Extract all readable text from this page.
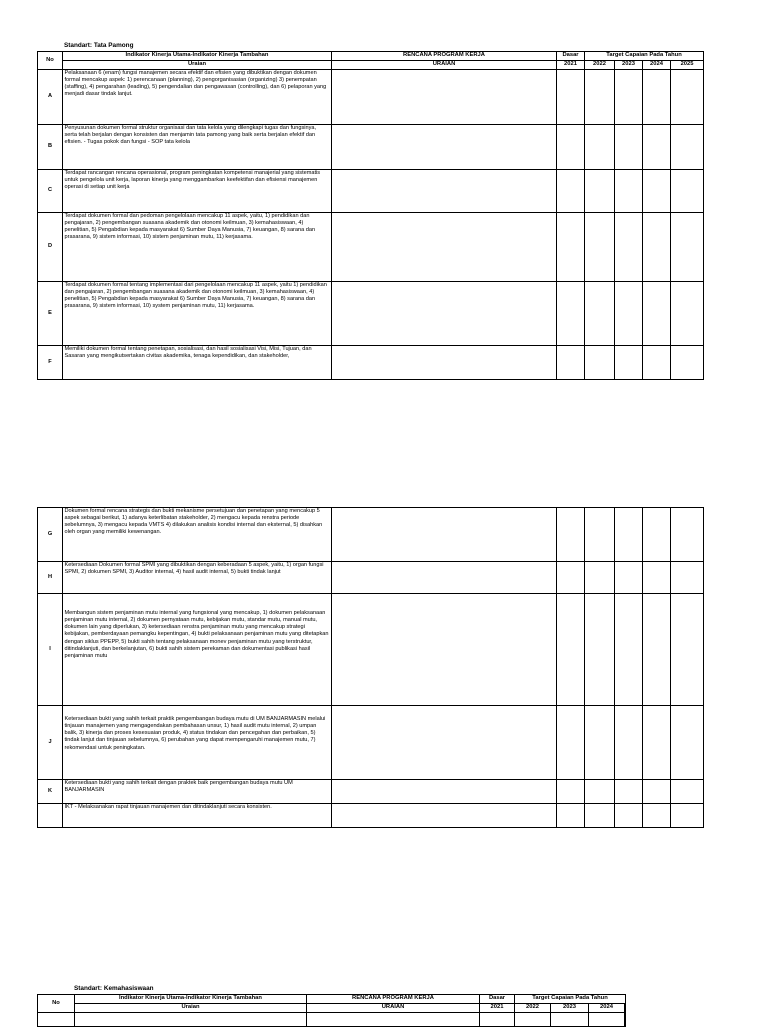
Standart: Tata Pamong
No	Indikator Kinerja Utama-Indikator Kinerja Tambahan	RENCANA PROGRAM KERJA	Dasar	Target Capaian Pada Tahun			
	Uraian	URAIAN	2021	2022	2023	2024	2025
A	Pelaksanaan 6 (enam) fungsi manajemen secara efektif dan efisien yang dibuktikan dengan dokumen formal mencakup aspek: 1) perencanaan (planning), 2) pengorganisasian (organizing) 3) penempatan (staffing), 4) pengarahan (leading), 5) pengendalian dan pengawasan (controlling), dan 6) pelaporan yang menjadi dasar tindak lanjut.						
B	Penyusunan dokumen formal struktur organisasi dan tata kelola yang dilengkapi tugas dan fungsinya, serta telah berjalan dengan konsisten dan menjamin tata pamong yang baik serta berjalan efektif dan efisien. - Tugas pokok dan fungsi - SOP tata kelola						
C	Terdapat rancangan rencana operasional, program peningkatan kompetensi manajerial yang sistematis untuk pengelola unit kerja, laporan kinerja yang menggambarkan keefektifan dan efisiensi manajemen operasi di setiap unit kerja						
D	Terdapat dokumen formal dan pedoman pengelolaan mencakup 11 aspek, yaitu, 1) pendidikan dan pengajaran, 2) pengembangan suasana akademik dan otonomi keilmuan, 3) kemahasiswaan, 4) penelitian, 5) Pengabdian kepada masyarakat 6) Sumber Daya Manusia, 7) keuangan, 8) sarana dan prasarana, 9) sistem informasi, 10) sistem penjaminan mutu, 11) kerjasama.						
E	Terdapat dokumen formal tentang implementasi dari pengelolaan mencakup 11 aspek, yaitu 1) pendidikan dan pengajaran, 2) pengembangan suasana akademik dan otonomi keilmuan, 3) kemahasiswaan, 4) penelitian, 5) Pengabdian kepada masyarakat 6) Sumber Daya Manusia, 7) keuangan, 8) sarana dan prasarana, 9) sistem informasi, 10) system penjaminan mutu, 11) kerjasama.						
F	Memiliki dokumen formal tentang penetapan, sosialisasi, dan hasil sosialisasi Visi, Misi, Tujuan, dan Sasaran yang mengikutsertakan civitas akademika, tenaga kependidikan, dan stakeholder,						
G	Dokumen formal rencana strategis dan bukti mekanisme persetujuan dan penetapan yang mencakup 5 aspek sebagai berikut, 1) adanya keterlibatan stakeholder, 2) mengacu kepada renstra periode sebelumnya, 3) mengacu kepada VMTS 4) dilakukan analisis kondisi internal dan eksternal, 5) disahkan oleh organ yang memiliki kewenangan.						
H	Ketersediaan Dokumen formal SPMI yang dibuktikan dengan keberadaan 5 aspek, yaitu, 1) organ fungsi SPMI, 2) dokumen SPMI, 3) Auditor internal, 4) hasil audit internal, 5) bukti tindak lanjut						
I	Membangun sistem penjaminan mutu internal yang fungsional yang mencakup, 1) dokumen pelaksanaan penjaminan mutu internal, 2) dokumen pernyataan mutu, kebijakan mutu, standar mutu, manual mutu, dokumen lain yang diperlukan, 3) ketersediaan renstra penjaminan mutu yang mencakup strategi kebijakan, pemberdayaan pemangku kepentingan, 4) bukti pelaksanaan penjaminan mutu yang ditetapkan dengan siklus PPEPP, 5) bukti sahih tentang pelaksanaan monev penjaminan mutu yang terstruktur, ditindaklanjuti, dan berkelanjutan, 6) bukti sahih sistem perekaman dan dokumentasi publikasi hasil penjaminan mutu						
J	Ketersediaan bukti yang sahih terkait praktik pengembangan budaya mutu di UM BANJARMASIN melalui tinjauan manajemen yang mengagendakan pembahasan unsur, 1) hasil audit mutu internal, 2) umpan balik, 3) kinerja dan proses kesesuaian produk, 4) status tindakan dan pencegahan dan perbaikan, 5) tindak lanjut dan tinjauan sebelumnya, 6) perubahan yang dapat mempengaruhi manajemen mutu, 7) rekomendasi untuk peningkatan.						
K	Ketersediaan bukti yang sahih terkait dengan praktek baik pengembangan budaya mutu UM BANJARMASIN						
	IKT - Melaksanakan rapat tinjauan manajemen dan ditindaklanjuti secara konsisten.						
Standart: Kemahasiswaan
No	Indikator Kinerja Utama-Indikator Kinerja Tambahan	RENCANA PROGRAM KERJA	Dasar	Target Capaian Pada Tahun			
	Uraian	URAIAN	2021	2022	2023	2024	
